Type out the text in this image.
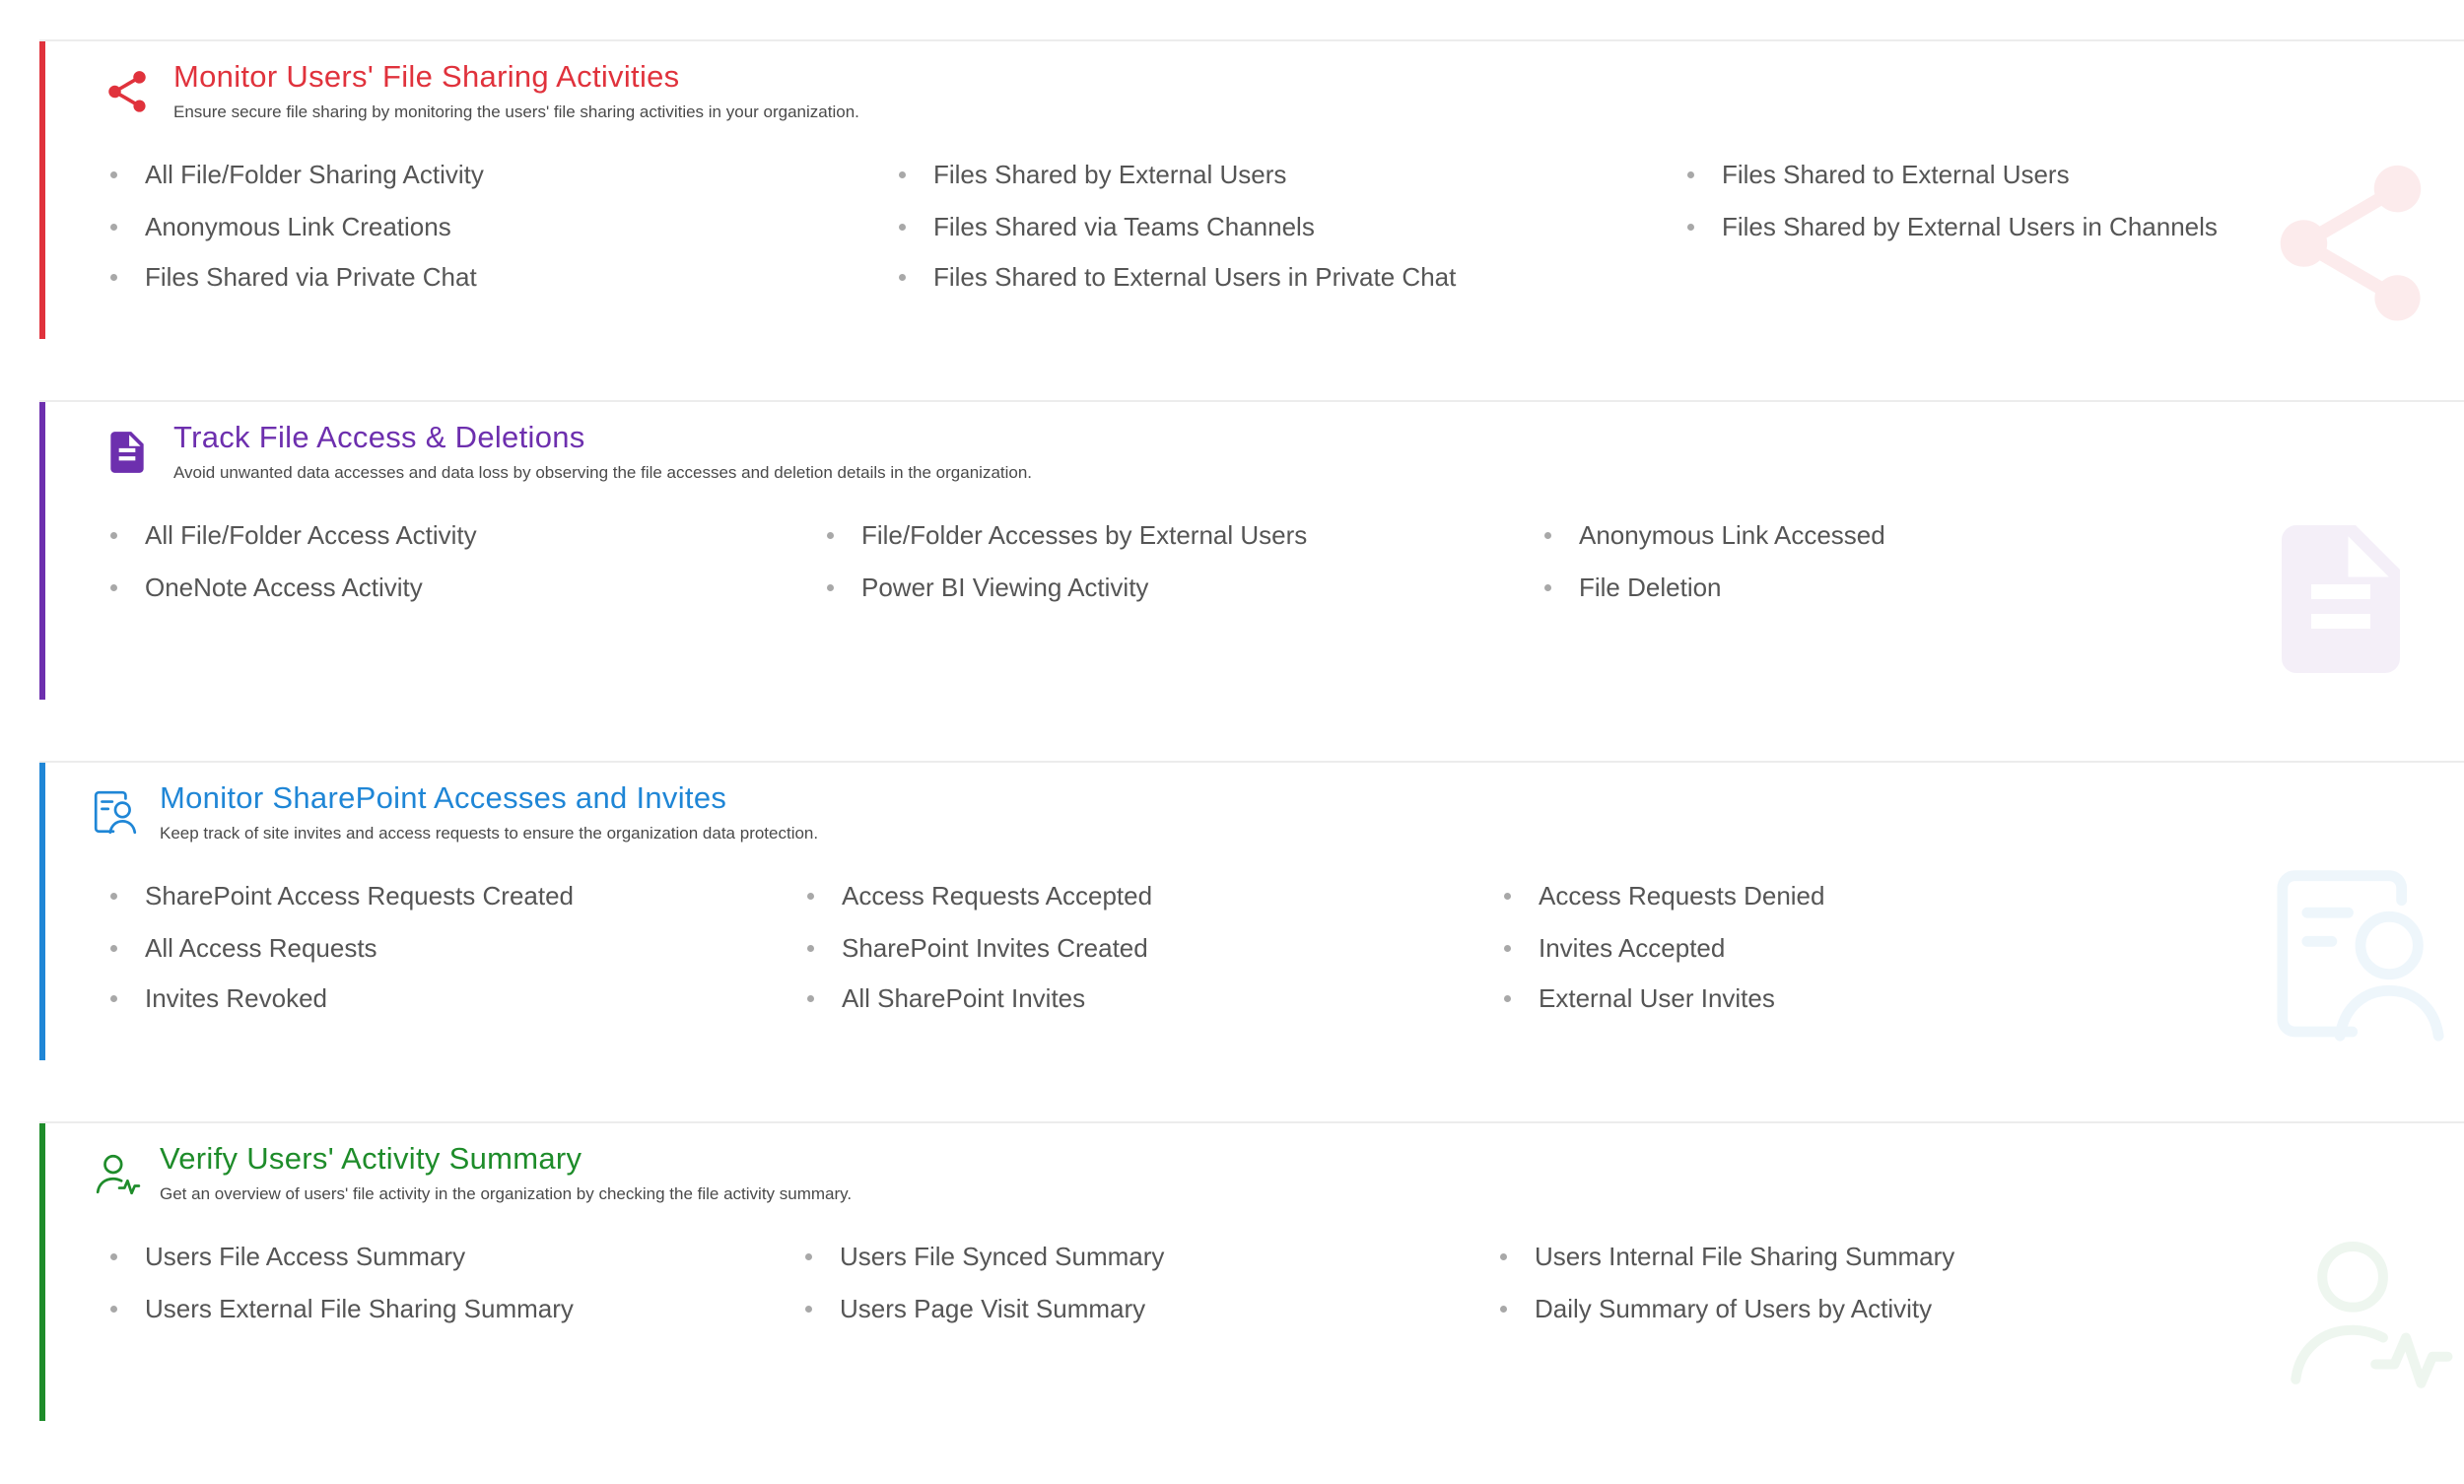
Monitor Users' File Sharing Activities

Ensure secure file sharing by monitoring the users' file sharing activities in your organization.

All File/Folder Sharing Activity	Files Shared by External Users	Files Shared to External Users
Anonymous Link Creations	Files Shared via Teams Channels	Files Shared by External Users in Channels
Files Shared via Private Chat	Files Shared to External Users in Private Chat
Track File Access & Deletions

Avoid unwanted data accesses and data loss by observing the file accesses and deletion details in the organization.

All File/Folder Access Activity	File/Folder Accesses by External Users	Anonymous Link Accessed
OneNote Access Activity	Power BI Viewing Activity	File Deletion
Monitor SharePoint Accesses and Invites

Keep track of site invites and access requests to ensure the organization data protection.

SharePoint Access Requests Created	Access Requests Accepted	Access Requests Denied
All Access Requests	SharePoint Invites Created	Invites Accepted
Invites Revoked	All SharePoint Invites	External User Invites
Verify Users' Activity Summary

Get an overview of users' file activity in the organization by checking the file activity summary.

Users File Access Summary	Users File Synced Summary	Users Internal File Sharing Summary
Users External File Sharing Summary	Users Page Visit Summary	Daily Summary of Users by Activity
